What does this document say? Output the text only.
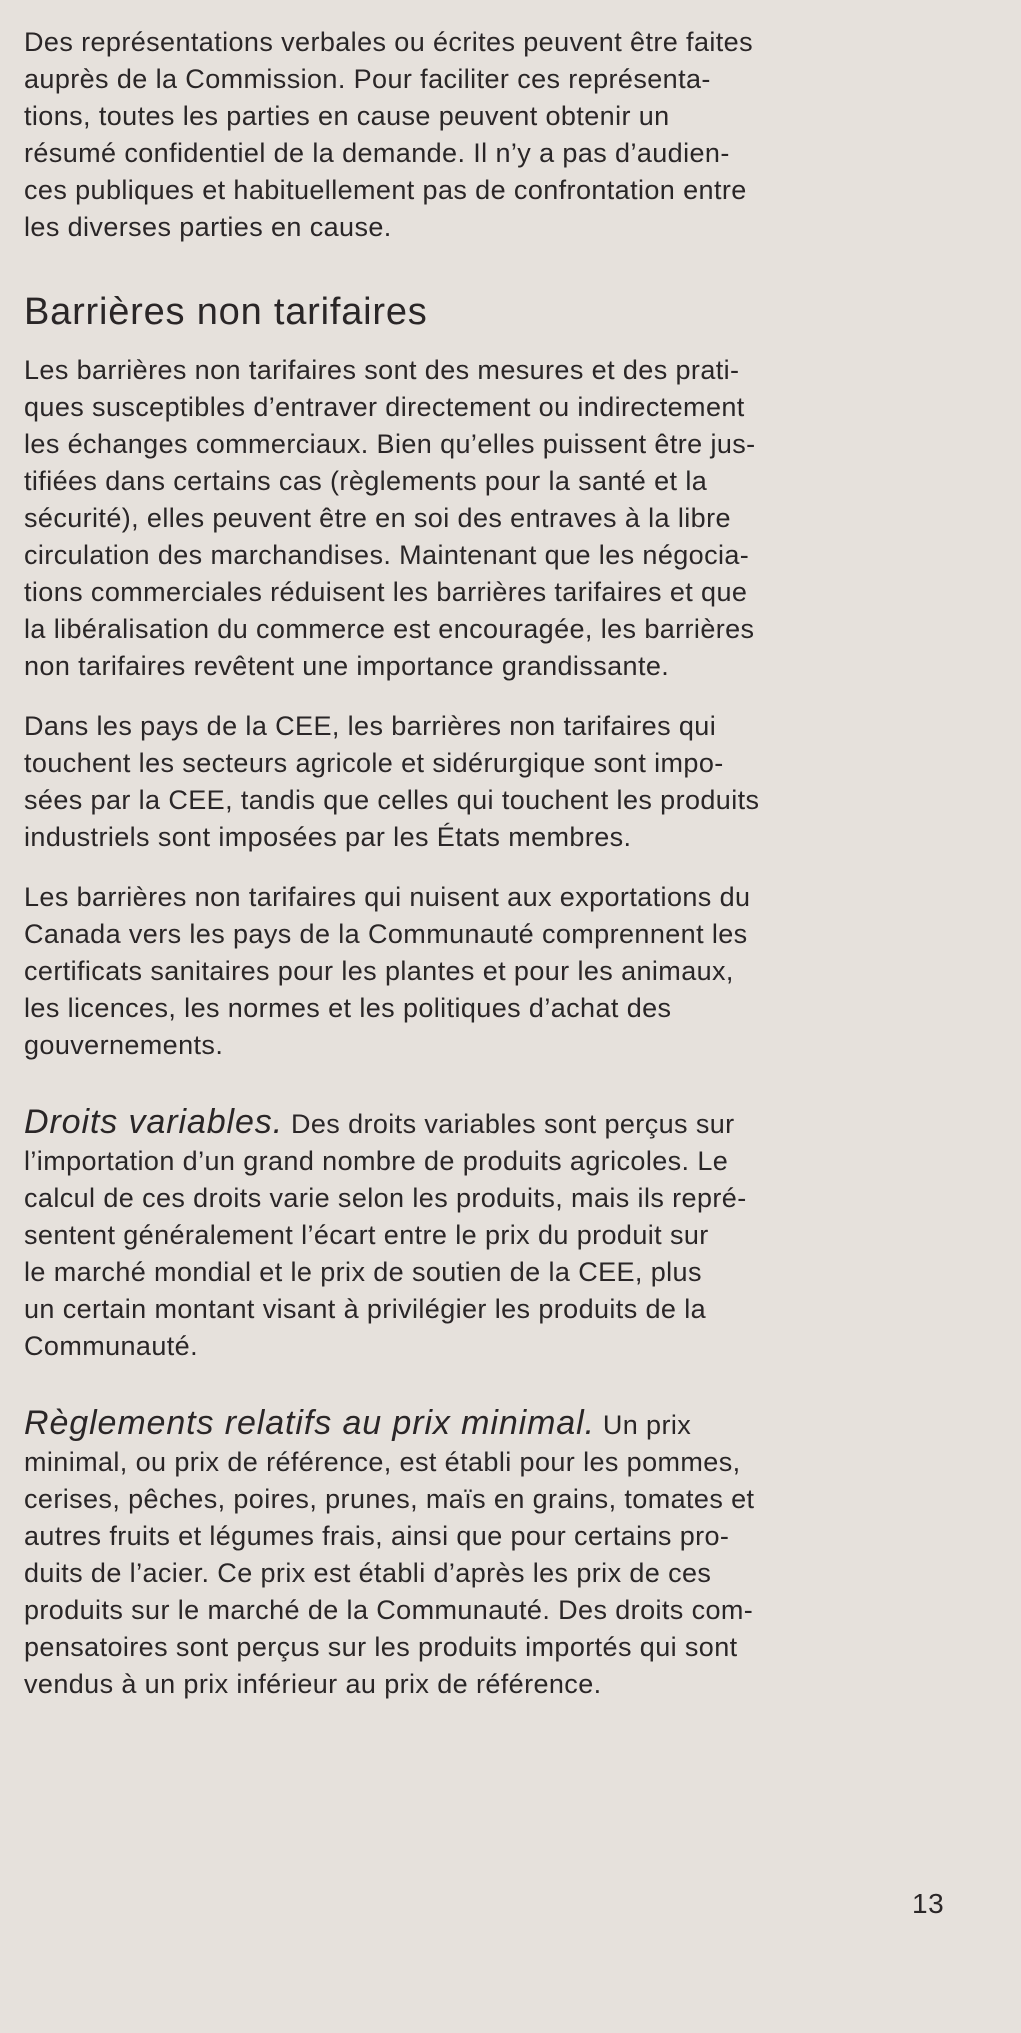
Des représentations verbales ou écrites peuvent être faites
auprès de la Commission. Pour faciliter ces représenta-
tions, toutes les parties en cause peuvent obtenir un
résumé confidentiel de la demande. Il n’y a pas d’audien-
ces publiques et habituellement pas de confrontation entre
les diverses parties en cause.

Barrières non tarifaires

Les barrières non tarifaires sont des mesures et des prati-
ques susceptibles d’entraver directement ou indirectement
les échanges commerciaux. Bien qu’elles puissent être jus-
tifiées dans certains cas (règlements pour la santé et la
sécurité), elles peuvent être en soi des entraves à la libre
circulation des marchandises. Maintenant que les négocia-
tions commerciales réduisent les barrières tarifaires et que
la libéralisation du commerce est encouragée, les barrières
non tarifaires revêtent une importance grandissante.

Dans les pays de la CEE, les barrières non tarifaires qui
touchent les secteurs agricole et sidérurgique sont impo-
sées par la CEE, tandis que celles qui touchent les produits
industriels sont imposées par les États membres.

Les barrières non tarifaires qui nuisent aux exportations du
Canada vers les pays de la Communauté comprennent les
certificats sanitaires pour les plantes et pour les animaux,
les licences, les normes et les politiques d’achat des
gouvernements.

Droits variables. Des droits variables sont perçus sur
l’importation d’un grand nombre de produits agricoles. Le
calcul de ces droits varie selon les produits, mais ils repré-
sentent généralement l’écart entre le prix du produit sur
le marché mondial et le prix de soutien de la CEE, plus
un certain montant visant à privilégier les produits de la
Communauté.

Règlements relatifs au prix minimal. Un prix
minimal, ou prix de référence, est établi pour les pommes,
cerises, pêches, poires, prunes, maïs en grains, tomates et
autres fruits et légumes frais, ainsi que pour certains pro-
duits de l’acier. Ce prix est établi d’après les prix de ces
produits sur le marché de la Communauté. Des droits com-
pensatoires sont perçus sur les produits importés qui sont
vendus à un prix inférieur au prix de référence.

13
